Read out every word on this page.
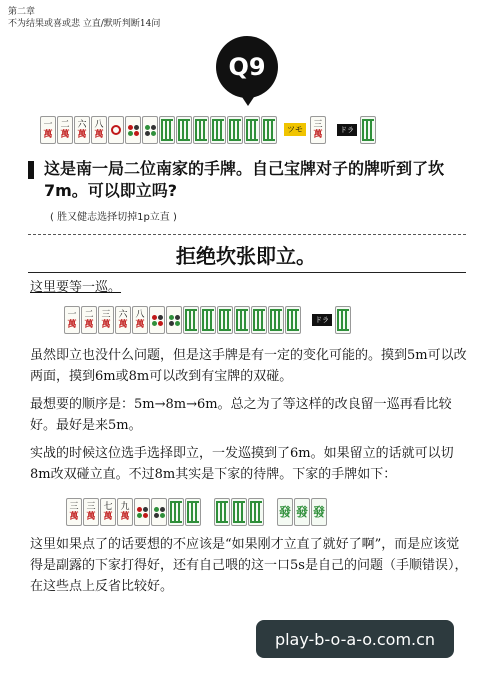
第二章
不为结果或喜或悲 立直/默听判断14问
Q9
一
萬
二
萬
六
萬
八
萬
ツモ	三
萬	ドラ
这是南一局二位南家的手牌。自己宝牌对子的牌听到了坎7m。可以即立吗?
( 胜又健志选择切掉1p立直 )
拒绝坎张即立。
这里要等一巡。
一
萬
二
萬
三
萬
六
萬
八
萬	ドラ
虽然即立也没什么问题，但是这手牌是有一定的变化可能的。摸到5m可以改两面，摸到6m或8m可以改到有宝牌的双碰。
最想要的顺序是：5m→8m→6m。总之为了等这样的改良留一巡再看比较好。最好是来5m。
实战的时候这位选手选择即立，一发巡摸到了6m。如果留立的话就可以切8m改双碰立直。不过8m其实是下家的待牌。下家的手牌如下：
三
萬
三
萬
七
萬
九
萬	發 發 發
这里如果点了的话要想的不应该是“如果刚才立直了就好了啊”，而是应该觉得是副露的下家打得好，还有自己喂的这一口5s是自己的问题（手顺错误），在这些点上反省比较好。
play-b-o-a-o.com.cn
